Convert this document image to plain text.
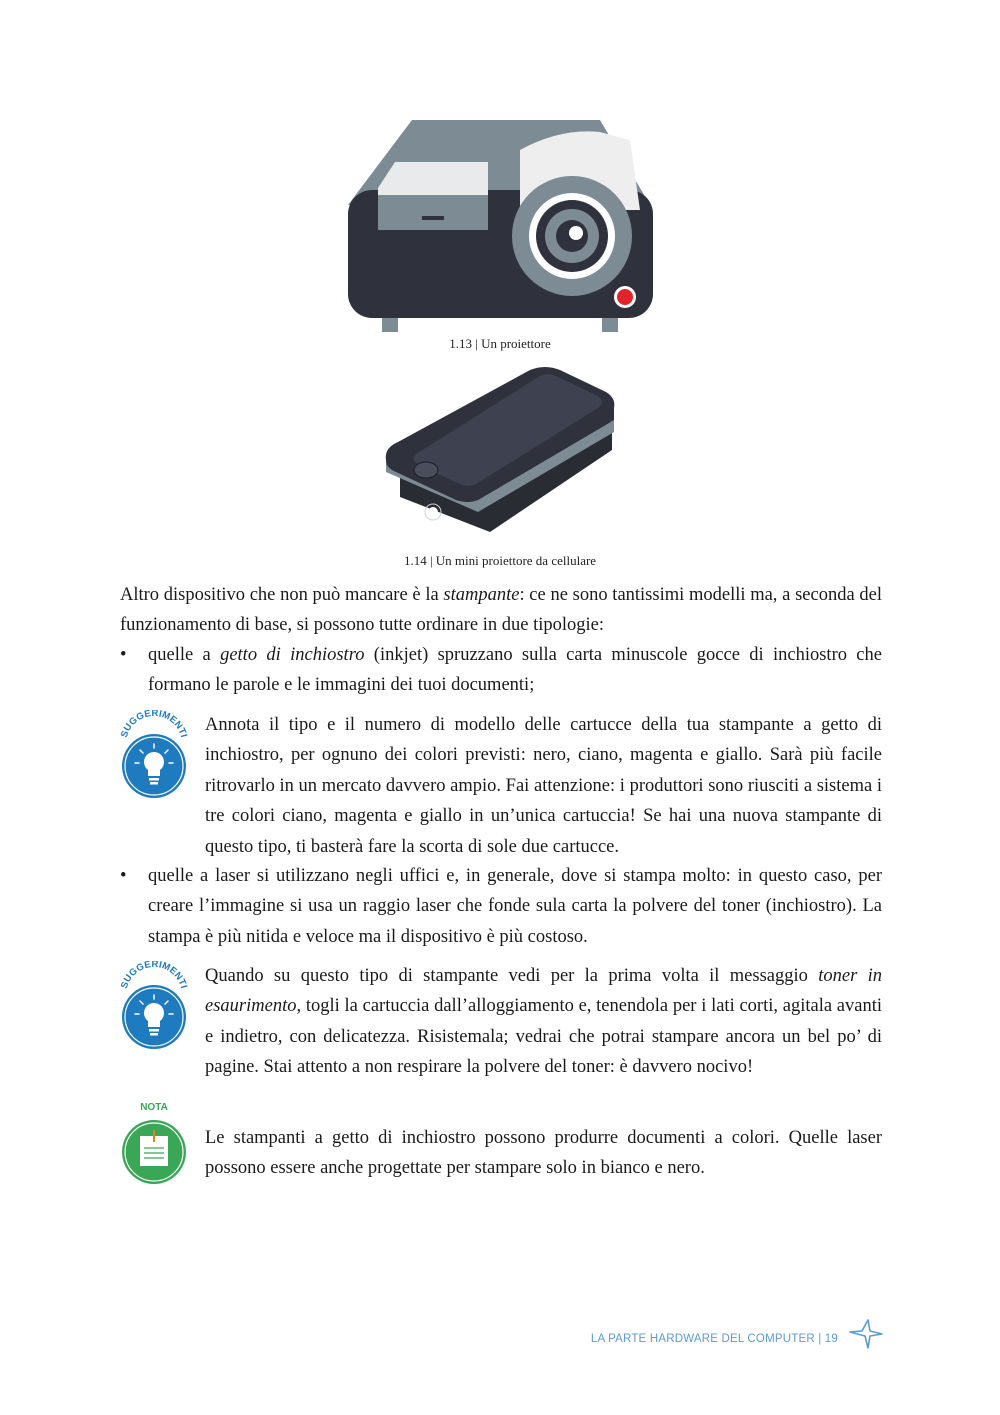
1.13 | Un proiettore
1.14 | Un mini proiettore da cellulare
Altro dispositivo che non può mancare è la stampante: ce ne sono tantissimi modelli ma, a seconda del funzionamento di base, si possono tutte ordinare in due tipologie:
• quelle a getto di inchiostro (inkjet) spruzzano sulla carta minuscole gocce di inchiostro che formano le parole e le immagini dei tuoi documenti;
SUGGERIMENTI
Annota il tipo e il numero di modello delle cartucce della tua stampante a getto di inchiostro, per ognuno dei colori previsti: nero, ciano, magenta e giallo. Sarà più facile ritrovarlo in un mercato davvero ampio. Fai attenzione: i produttori sono riusciti a sistema i tre colori ciano, magenta e giallo in un’unica cartuccia! Se hai una nuova stampante di questo tipo, ti basterà fare la scorta di sole due cartucce.
• quelle a laser si utilizzano negli uffici e, in generale, dove si stampa molto: in questo caso, per creare l’immagine si usa un raggio laser che fonde sula carta la polvere del toner (inchiostro). La stampa è più nitida e veloce ma il dispositivo è più costoso.
SUGGERIMENTI
Quando su questo tipo di stampante vedi per la prima volta il messaggio toner in esaurimento, togli la cartuccia dall’alloggiamento e, tenendola per i lati corti, agitala avanti e indietro, con delicatezza. Risistemala; vedrai che potrai stampare ancora un bel po’ di pagine. Stai attento a non respirare la polvere del toner: è davvero nocivo!
NOTA
Le stampanti a getto di inchiostro possono produrre documenti a colori. Quelle laser possono essere anche progettate per stampare solo in bianco e nero.
LA PARTE HARDWARE DEL COMPUTER | 19
